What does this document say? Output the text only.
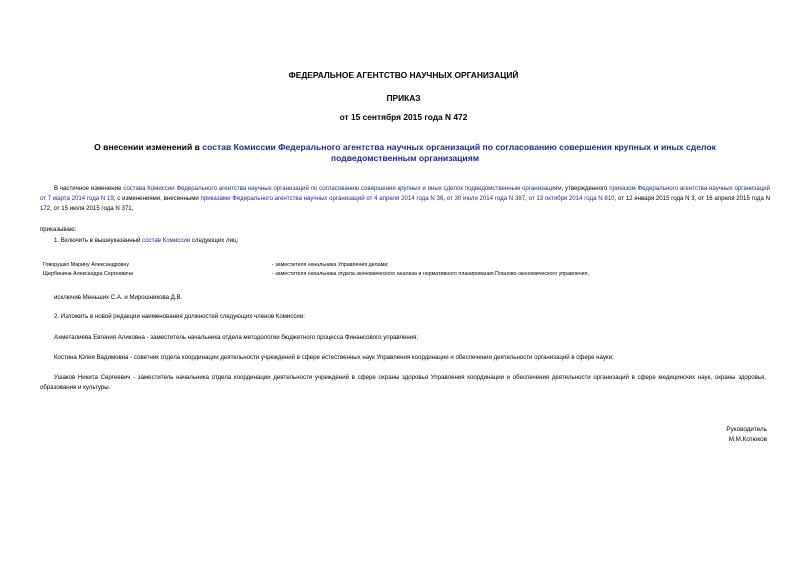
ФЕДЕРАЛЬНОЕ АГЕНТСТВО НАУЧНЫХ ОРГАНИЗАЦИЙ
ПРИКАЗ
от 15 сентября 2015 года N 472
О внесении изменений в состав Комиссии Федерального агентства научных организаций по согласованию совершения крупных и иных сделок подведомственным организациям
В частичное изменение состава Комиссии Федерального агентства научных организаций по согласованию совершения крупных и иных сделок подведомственным организациям, утвержденного приказом Федерального агентства научных организаций от 7 марта 2014 года N 19, с изменениями, внесенными приказами Федерального агентства научных организаций от 4 апреля 2014 года N 36, от 30 июля 2014 года N 387, от 13 октября 2014 года N 810, от 12 января 2015 года N 3, от 16 апреля 2015 года N 172, от 15 июля 2015 года N 371,
приказываю:
1. Включить в вышеуказанный состав Комиссии следующих лиц:
Говорушко Марину Александровну	- заместителя начальника Управления делами;
Щербинина Александра Сергеевича	- заместителя начальника отдела экономического анализа и нормативного планирования Планово-экономического управления,
исключив Меньших С.А. и Мирошникова Д.В.
2. Изложить в новой редакции наименования должностей следующих членов Комиссии:
Ахметалиева Евгения Аликовна - заместитель начальника отдела методологии бюджетного процесса Финансового управления;
Костина Юлия Вадимовна - советник отдела координации деятельности учреждений в сфере естественных наук Управления координации и обеспечения деятельности организаций в сфере науки;
Ушаков Никита Сергеевич - заместитель начальника отдела координации деятельности учреждений в сфере охраны здоровья Управления координации и обеспечения деятельности организаций в сфере медицинских наук, охраны здоровья, образования и культуры.
Руководитель
М.М.Котюков
